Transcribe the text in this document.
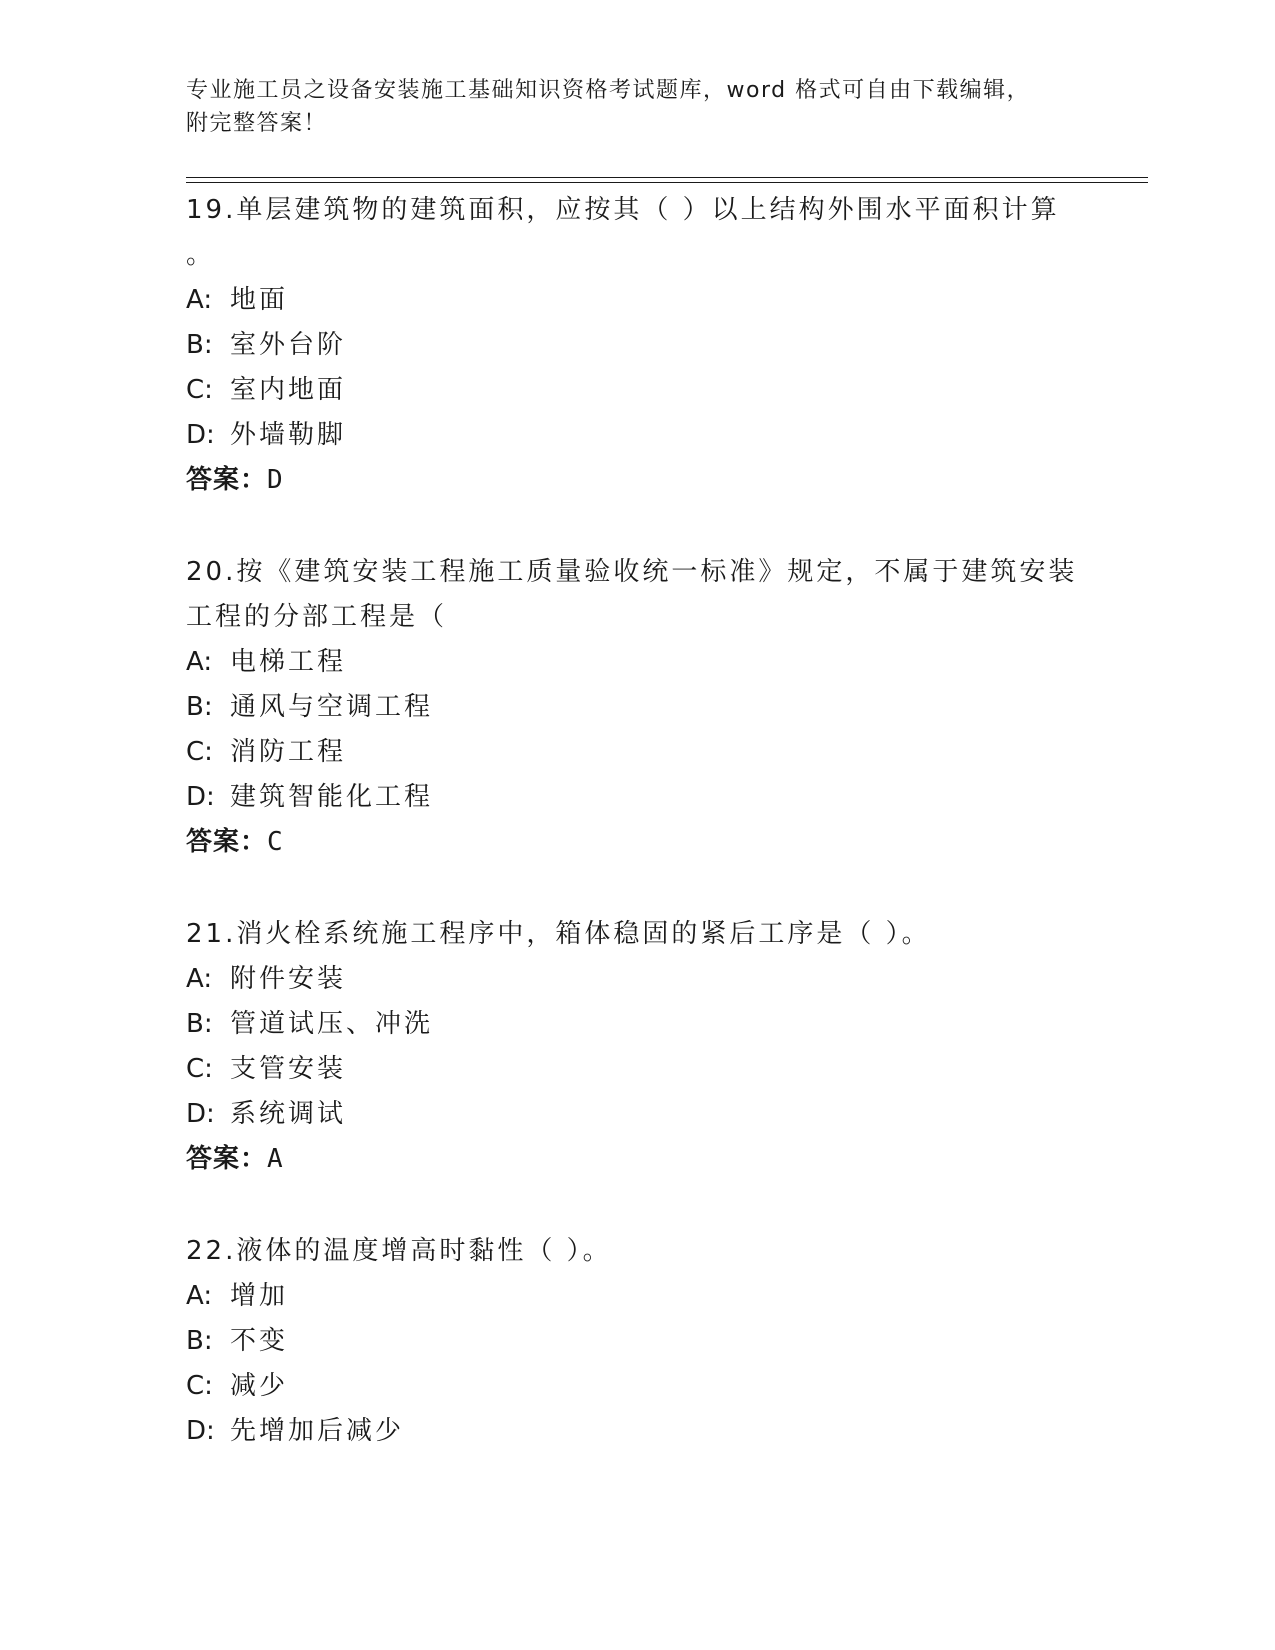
专业施工员之设备安装施工基础知识资格考试题库，word 格式可自由下载编辑，
附完整答案！
19.单层建筑物的建筑面积，应按其（ ）以上结构外围水平面积计算
。
A: 地面
B: 室外台阶
C: 室内地面
D: 外墙勒脚
答案：D
20.按《建筑安装工程施工质量验收统一标准》规定，不属于建筑安装
工程的分部工程是（
A: 电梯工程
B: 通风与空调工程
C: 消防工程
D: 建筑智能化工程
答案：C
21.消火栓系统施工程序中，箱体稳固的紧后工序是（ ）。
A: 附件安装
B: 管道试压、冲洗
C: 支管安装
D: 系统调试
答案：A
22.液体的温度增高时黏性（ ）。
A: 增加
B: 不变
C: 减少
D: 先增加后减少
